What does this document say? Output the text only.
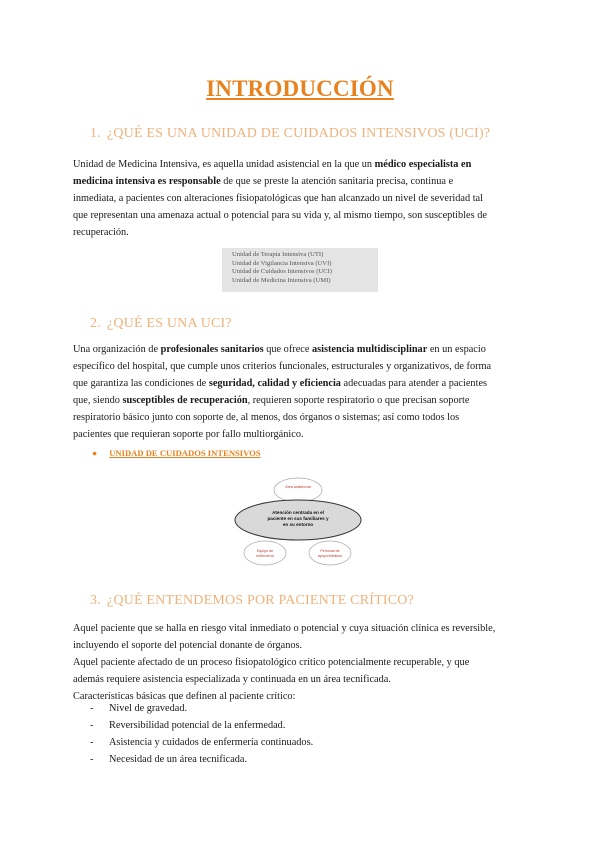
INTRODUCCIÓN
1. ¿QUÉ ES UNA UNIDAD DE CUIDADOS INTENSIVOS (UCI)?
Unidad de Medicina Intensiva, es aquella unidad asistencial en la que un médico especialista en
medicina intensiva es responsable de que se preste la atención sanitaria precisa, continua e
inmediata, a pacientes con alteraciones fisiopatológicas que han alcanzado un nivel de severidad tal
que representan una amenaza actual o potencial para su vida y, al mismo tiempo, son susceptibles de
recuperación.
Unidad de Terapia Intensiva (UTI)
Unidad de Vigilancia Intensiva (UVI)
Unidad de Cuidados Intensivos (UCI)
Unidad de Medicina Intensiva (UMI)
2. ¿QUÉ ES UNA UCI?
Una organización de profesionales sanitarios que ofrece asistencia multidisciplinar en un espacio
específico del hospital, que cumple unos criterios funcionales, estructurales y organizativos, de forma
que garantiza las condiciones de seguridad, calidad y eficiencia adecuadas para atender a pacientes
que, siendo susceptibles de recuperación, requieren soporte respiratorio o que precisan soporte
respiratorio básico junto con soporte de, al menos, dos órganos o sistemas; así como todos los
pacientes que requieran soporte por fallo multiorgánico.
● UNIDAD DE CUIDADOS INTENSIVOS
Área asistencial
Atención centrada en el
paciente en sus familiares y
en su entorno
Equipo de
enfermería
Personal de
apoyo/médicos
3. ¿QUÉ ENTENDEMOS POR PACIENTE CRÍTICO?
Aquel paciente que se halla en riesgo vital inmediato o potencial y cuya situación clínica es reversible,
incluyendo el soporte del potencial donante de órganos.
Aquel paciente afectado de un proceso fisiopatológico crítico potencialmente recuperable, y que
además requiere asistencia especializada y continuada en un área tecnificada.
Características básicas que definen al paciente crítico:
- Nivel de gravedad.
- Reversibilidad potencial de la enfermedad.
- Asistencia y cuidados de enfermería continuados.
- Necesidad de un área tecnificada.
